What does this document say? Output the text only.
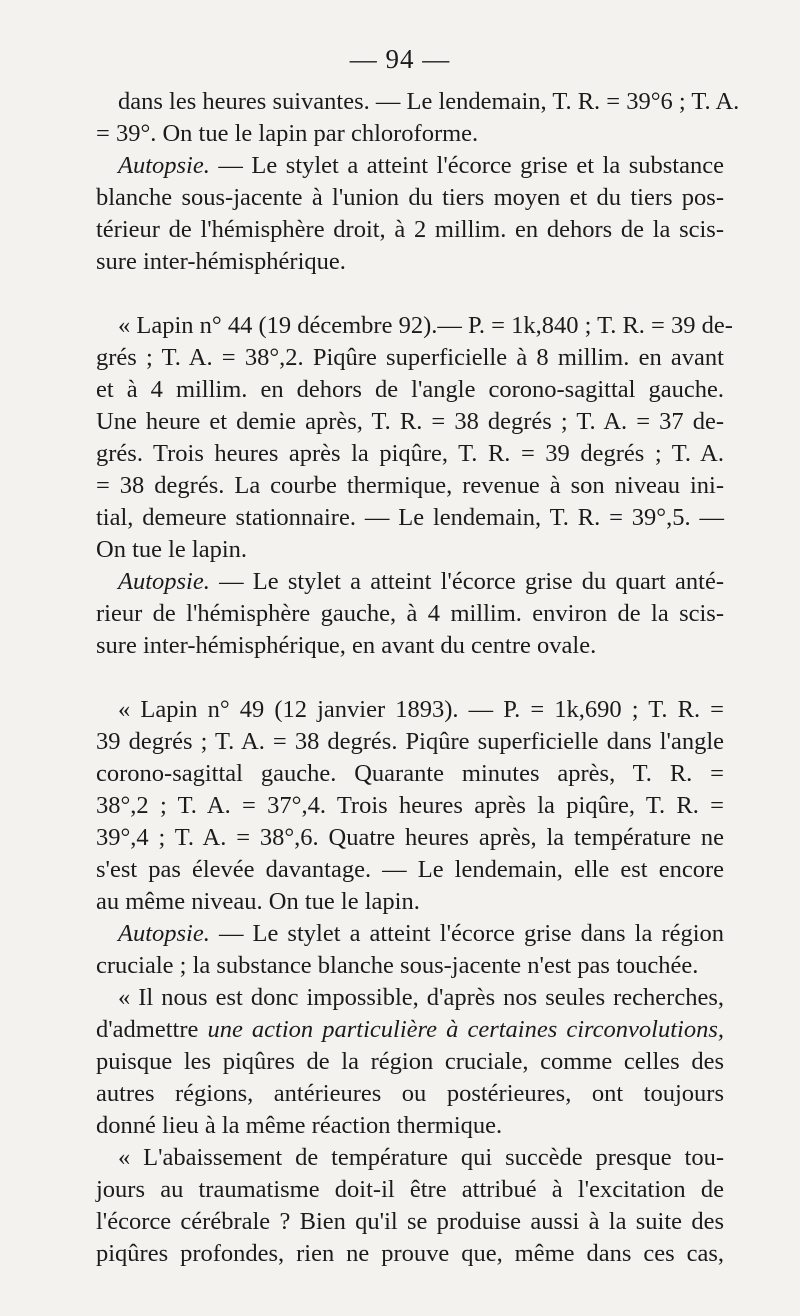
— 94 —
dans les heures suivantes. — Le lendemain, T. R. = 39°6 ; T. A.
= 39°. On tue le lapin par chloroforme.
Autopsie. — Le stylet a atteint l'écorce grise et la substance
blanche sous-jacente à l'union du tiers moyen et du tiers pos-
térieur de l'hémisphère droit, à 2 millim. en dehors de la scis-
sure inter-hémisphérique.
« Lapin n° 44 (19 décembre 92).— P. = 1k,840 ; T. R. = 39 de-
grés ; T. A. = 38°,2. Piqûre superficielle à 8 millim. en avant
et à 4 millim. en dehors de l'angle corono-sagittal gauche.
Une heure et demie après, T. R. = 38 degrés ; T. A. = 37 de-
grés. Trois heures après la piqûre, T. R. = 39 degrés ; T. A.
= 38 degrés. La courbe thermique, revenue à son niveau ini-
tial, demeure stationnaire. — Le lendemain, T. R. = 39°,5. —
On tue le lapin.
Autopsie. — Le stylet a atteint l'écorce grise du quart anté-
rieur de l'hémisphère gauche, à 4 millim. environ de la scis-
sure inter-hémisphérique, en avant du centre ovale.
« Lapin n° 49 (12 janvier 1893). — P. = 1k,690 ; T. R. =
39 degrés ; T. A. = 38 degrés. Piqûre superficielle dans l'angle
corono-sagittal gauche. Quarante minutes après, T. R. =
38°,2 ; T. A. = 37°,4. Trois heures après la piqûre, T. R. =
39°,4 ; T. A. = 38°,6. Quatre heures après, la température ne
s'est pas élevée davantage. — Le lendemain, elle est encore
au même niveau. On tue le lapin.
Autopsie. — Le stylet a atteint l'écorce grise dans la région
cruciale ; la substance blanche sous-jacente n'est pas touchée.
« Il nous est donc impossible, d'après nos seules recherches,
d'admettre une action particulière à certaines circonvolutions,
puisque les piqûres de la région cruciale, comme celles des
autres régions, antérieures ou postérieures, ont toujours
donné lieu à la même réaction thermique.
« L'abaissement de température qui succède presque tou-
jours au traumatisme doit-il être attribué à l'excitation de
l'écorce cérébrale ? Bien qu'il se produise aussi à la suite des
piqûres profondes, rien ne prouve que, même dans ces cas,
